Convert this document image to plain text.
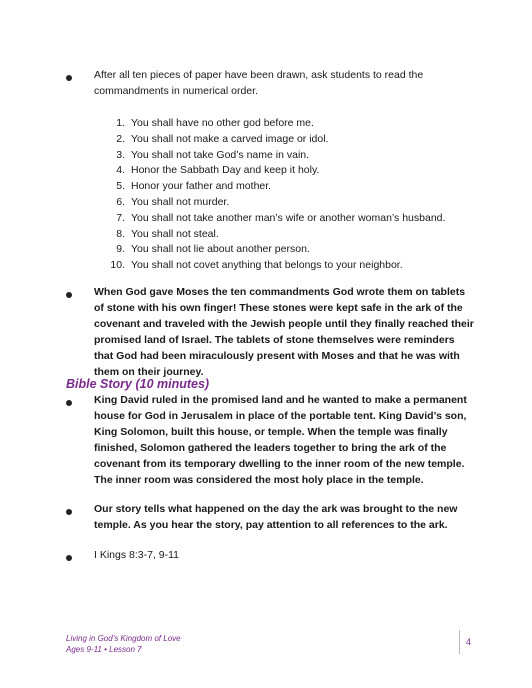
After all ten pieces of paper have been drawn, ask students to read the commandments in numerical order.
1. You shall have no other god before me.
2. You shall not make a carved image or idol.
3. You shall not take God’s name in vain.
4. Honor the Sabbath Day and keep it holy.
5. Honor your father and mother.
6. You shall not murder.
7. You shall not take another man’s wife or another woman’s husband.
8. You shall not steal.
9. You shall not lie about another person.
10. You shall not covet anything that belongs to your neighbor.
When God gave Moses the ten commandments God wrote them on tablets of stone with his own finger! These stones were kept safe in the ark of the covenant and traveled with the Jewish people until they finally reached their promised land of Israel. The tablets of stone themselves were reminders that God had been miraculously present with Moses and that he was with them on their journey.
Bible Story (10 minutes)
King David ruled in the promised land and he wanted to make a permanent house for God in Jerusalem in place of the portable tent. King David’s son, King Solomon, built this house, or temple. When the temple was finally finished, Solomon gathered the leaders together to bring the ark of the covenant from its temporary dwelling to the inner room of the new temple. The inner room was considered the most holy place in the temple.
Our story tells what happened on the day the ark was brought to the new temple. As you hear the story, pay attention to all references to the ark.
I Kings 8:3-7, 9-11
Living in God’s Kingdom of Love
Ages 9-11 • Lesson 7
4
